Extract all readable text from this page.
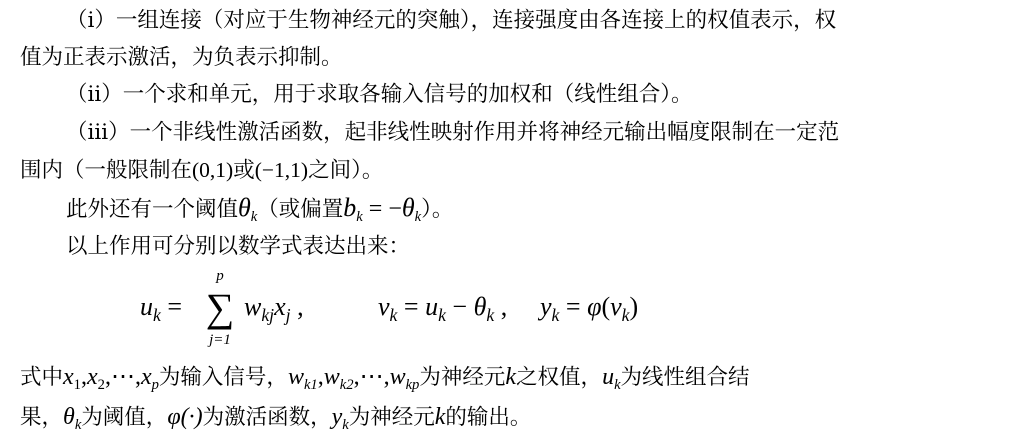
（i）一组连接（对应于生物神经元的突触），连接强度由各连接上的权值表示，权
值为正表示激活，为负表示抑制。
（ii）一个求和单元，用于求取各输入信号的加权和（线性组合）。
（iii）一个非线性激活函数，起非线性映射作用并将神经元输出幅度限制在一定范
围内（一般限制在(0,1)或(−1,1)之间）。
此外还有一个阈值$\theta_k$（或偏置$b_k = -\theta_k$）。
以上作用可分别以数学式表达出来：
$u_k$ =
p
∑
j=1
$w_{kj}x_j$ ,	$v_k = u_k - \theta_k$ , $y_k = \varphi(v_k)$
式中$x_1,x_2,\cdots,x_p$为输入信号，$w_{k1},w_{k2},\cdots,w_{kp}$为神经元k之权值，$u_k$为线性组合结
果，$\theta_k$为阈值，φ(·)为激活函数，$y_k$为神经元k的输出。
